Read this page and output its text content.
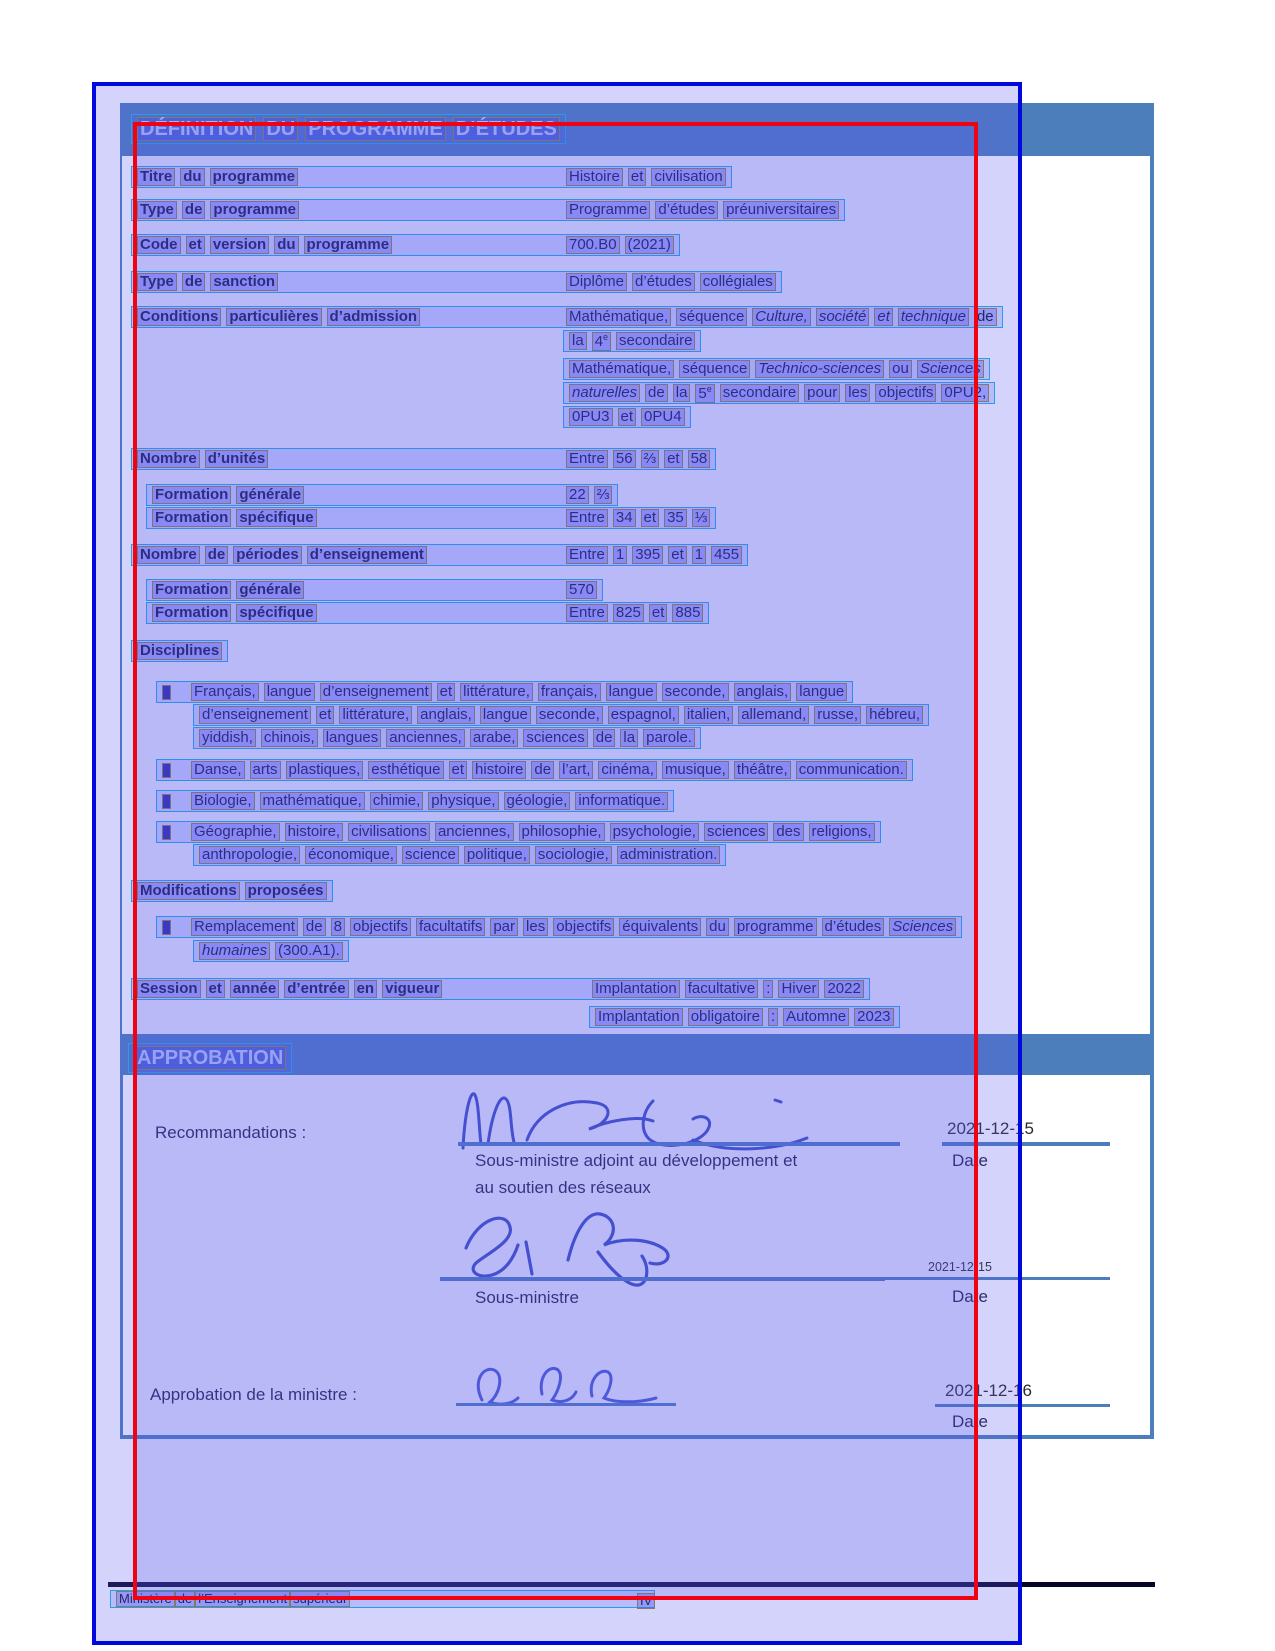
DÉFINITION DU PROGRAMME D’ÉTUDES
APPROBATION
Titre du programme	Histoire et civilisation
Type de programme	Programme d’études préuniversitaires
Code et version du programme	700.B0 (2021)
Type de sanction	Diplôme d’études collégiales
Conditions particulières d’admission	Mathématique, séquence Culture, société et technique de
la 4e secondaire
Mathématique, séquence Technico-sciences ou Sciences
naturelles de la 5e secondaire pour les objectifs 0PU2,
0PU3 et 0PU4
Nombre d’unités	Entre 56 ⅔ et 58
Formation générale	22 ⅔
Formation spécifique	Entre 34 et 35 ⅓
Nombre de périodes d’enseignement	Entre 1 395 et 1 455
Formation générale	570
Formation spécifique	Entre 825 et 885
Disciplines
Français, langue d’enseignement et littérature, français, langue seconde, anglais, langue
d’enseignement et littérature, anglais, langue seconde, espagnol, italien, allemand, russe, hébreu,
yiddish, chinois, langues anciennes, arabe, sciences de la parole.
Danse, arts plastiques, esthétique et histoire de l’art, cinéma, musique, théâtre, communication.
Biologie, mathématique, chimie, physique, géologie, informatique.
Géographie, histoire, civilisations anciennes, philosophie, psychologie, sciences des religions,
anthropologie, économique, science politique, sociologie, administration.
Modifications proposées
Remplacement de 8 objectifs facultatifs par les objectifs équivalents du programme d’études Sciences
humaines (300.A1).
Session et année d’entrée en vigueur	Implantation facultative : Hiver 2022
Implantation obligatoire : Automne 2023
Recommandations :
Sous-ministre adjoint au développement et
au soutien des réseaux
2021-12-15
Date
Sous-ministre
2021-12-15
Date
Approbation de la ministre :	2021-12-16
Date
Ministère de l’Enseignement supérieur	IV
